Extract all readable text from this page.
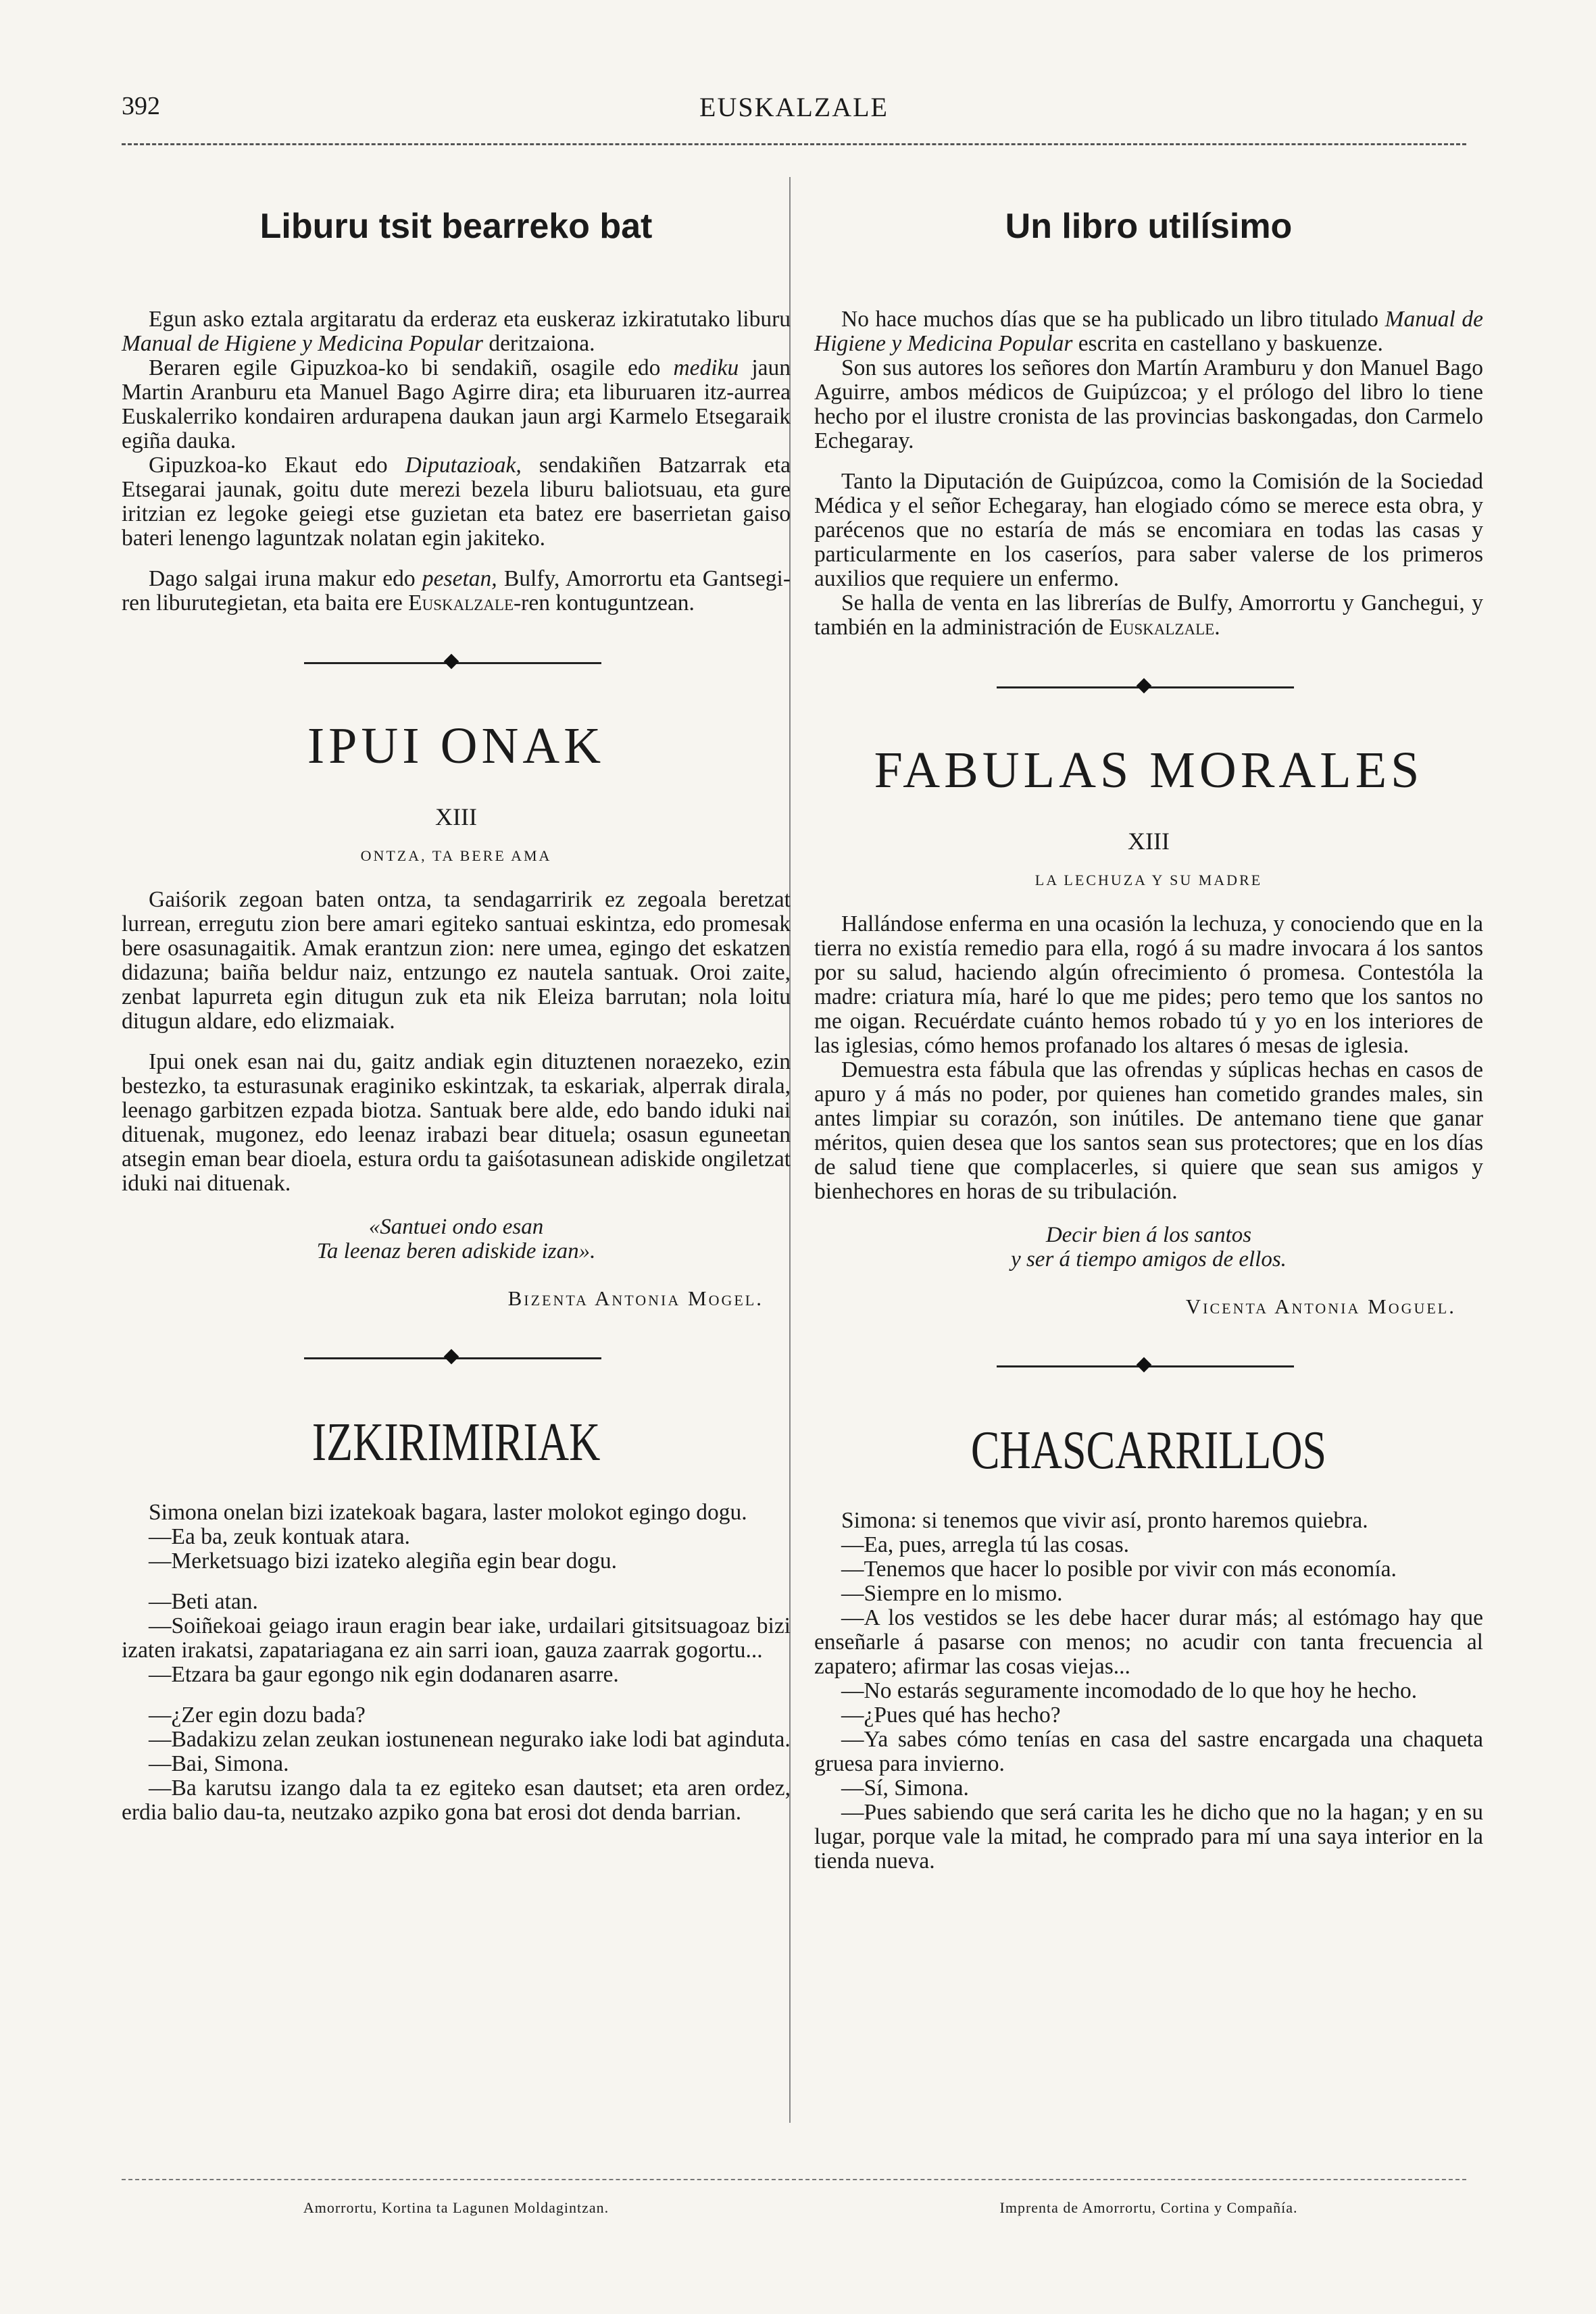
392	EUSKALZALE
Liburu tsit bearreko bat

Egun asko eztala argitaratu da erderaz eta euskeraz izkiratutako liburu Manual de Higiene y Medicina Popular deritzaiona.

Beraren egile Gipuzkoa-ko bi sendakiñ, osagile edo mediku jaun Martin Aranburu eta Manuel Bago Agirre dira; eta liburuaren itz-aurrea Euskalerriko kondairen ardurapena daukan jaun argi Karmelo Etsegaraik egiña dauka.

Gipuzkoa-ko Ekaut edo Diputazioak, sendakiñen Batzarrak eta Etsegarai jaunak, goitu dute merezi bezela liburu baliotsuau, eta gure iritzian ez legoke geiegi etse guzietan eta batez ere baserrietan gaiso bateri lenengo laguntzak nolatan egin jakiteko.

Dago salgai iruna makur edo pesetan, Bulfy, Amorrortu eta Gantsegi-ren liburutegietan, eta baita ere Euskalzale-ren kontuguntzean.

IPUI ONAK
XIII
ONTZA, TA BERE AMA

Gaiśorik zegoan baten ontza, ta sendagarririk ez zegoala beretzat lurrean, erregutu zion bere amari egiteko santuai eskintza, edo promesak bere osasunagaitik. Amak erantzun zion: nere umea, egingo det eskatzen didazuna; baiña beldur naiz, entzungo ez nautela santuak. Oroi zaite, zenbat lapurreta egin ditugun zuk eta nik Eleiza barrutan; nola loitu ditugun aldare, edo elizmaiak.

Ipui onek esan nai du, gaitz andiak egin dituztenen noraezeko, ezin bestezko, ta esturasunak eraginiko eskintzak, ta eskariak, alperrak dirala, leenago garbitzen ezpada biotza. Santuak bere alde, edo bando iduki nai dituenak, mugonez, edo leenaz irabazi bear dituela; osasun eguneetan atsegin eman bear dioela, estura ordu ta gaiśotasunean adiskide ongiletzat iduki nai dituenak.

«Santuei ondo esan
Ta leenaz beren adiskide izan».
Bizenta Antonia Mogel.
IZKIRIMIRIAK

Simona onelan bizi izatekoak bagara, laster molokot egingo dogu.

—Ea ba, zeuk kontuak atara.

—Merketsuago bizi izateko alegiña egin bear dogu.

—Beti atan.

—Soiñekoai geiago iraun eragin bear iake, urdailari gitsitsuagoaz bizi izaten irakatsi, zapatariagana ez ain sarri ioan, gauza zaarrak gogortu...

—Etzara ba gaur egongo nik egin dodanaren asarre.

—¿Zer egin dozu bada?

—Badakizu zelan zeukan iostunenean negurako iake lodi bat aginduta.

—Bai, Simona.

—Ba karutsu izango dala ta ez egiteko esan dautset; eta aren ordez, erdia balio dau-ta, neutzako azpiko gona bat erosi dot denda barrian.

Un libro utilísimo

No hace muchos días que se ha publicado un libro titulado Manual de Higiene y Medicina Popular escrita en castellano y baskuenze.

Son sus autores los señores don Martín Aramburu y don Manuel Bago Aguirre, ambos médicos de Guipúzcoa; y el prólogo del libro lo tiene hecho por el ilustre cronista de las provincias baskongadas, don Carmelo Echegaray.

Tanto la Diputación de Guipúzcoa, como la Comisión de la Sociedad Médica y el señor Echegaray, han elogiado cómo se merece esta obra, y parécenos que no estaría de más se encomiara en todas las casas y particularmente en los caseríos, para saber valerse de los primeros auxilios que requiere un enfermo.

Se halla de venta en las librerías de Bulfy, Amorrortu y Ganchegui, y también en la administración de Euskalzale.

FABULAS MORALES
XIII
LA LECHUZA Y SU MADRE

Hallándose enferma en una ocasión la lechuza, y conociendo que en la tierra no existía remedio para ella, rogó á su madre invocara á los santos por su salud, haciendo algún ofrecimiento ó promesa. Contestóla la madre: criatura mía, haré lo que me pides; pero temo que los santos no me oigan. Recuérdate cuánto hemos robado tú y yo en los interiores de las iglesias, cómo hemos profanado los altares ó mesas de iglesia.

Demuestra esta fábula que las ofrendas y súplicas hechas en casos de apuro y á más no poder, por quienes han cometido grandes males, sin antes limpiar su corazón, son inútiles. De antemano tiene que ganar méritos, quien desea que los santos sean sus protectores; que en los días de salud tiene que complacerles, si quiere que sean sus amigos y bienhechores en horas de su tribulación.

Decir bien á los santos
y ser á tiempo amigos de ellos.
Vicenta Antonia Moguel.
CHASCARRILLOS

Simona: si tenemos que vivir así, pronto haremos quiebra.

—Ea, pues, arregla tú las cosas.

—Tenemos que hacer lo posible por vivir con más economía.

—Siempre en lo mismo.

—A los vestidos se les debe hacer durar más; al estómago hay que enseñarle á pasarse con menos; no acudir con tanta frecuencia al zapatero; afirmar las cosas viejas...

—No estarás seguramente incomodado de lo que hoy he hecho.

—¿Pues qué has hecho?

—Ya sabes cómo tenías en casa del sastre encargada una chaqueta gruesa para invierno.

—Sí, Simona.

—Pues sabiendo que será carita les he dicho que no la hagan; y en su lugar, porque vale la mitad, he comprado para mí una saya interior en la tienda nueva.

Amorrortu, Kortina ta Lagunen Moldagintzan.	Imprenta de Amorrortu, Cortina y Compañía.
